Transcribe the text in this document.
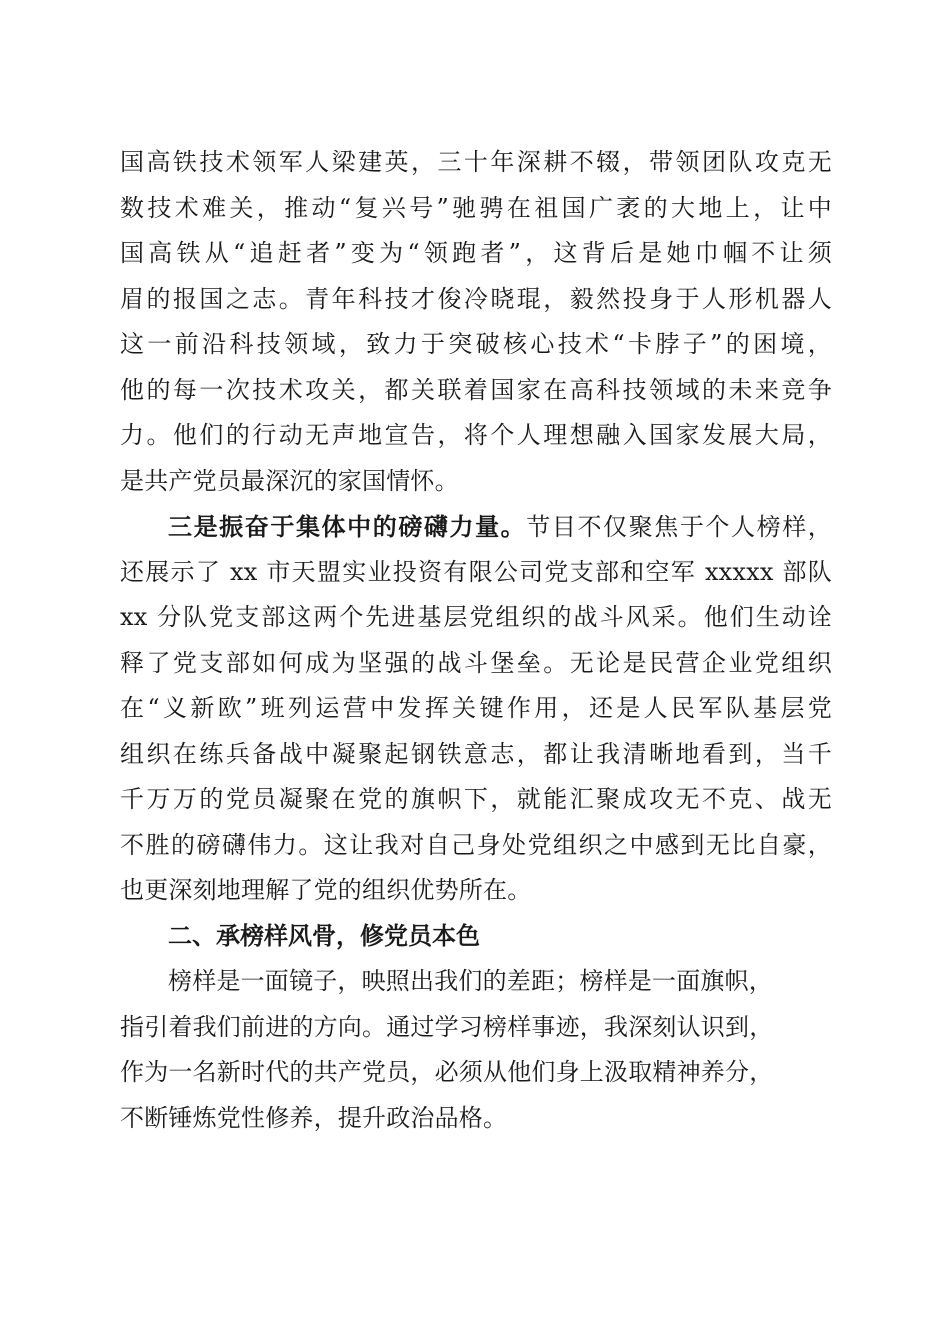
国高铁技术领军人梁建英，三十年深耕不辍，带领团队攻克无
数技术难关，推动“复兴号”驰骋在祖国广袤的大地上，让中
国高铁从“追赶者”变为“领跑者”，这背后是她巾帼不让须
眉的报国之志。青年科技才俊冷晓琨，毅然投身于人形机器人
这一前沿科技领域，致力于突破核心技术“卡脖子”的困境，
他的每一次技术攻关，都关联着国家在高科技领域的未来竞争
力。他们的行动无声地宣告，将个人理想融入国家发展大局，
是共产党员最深沉的家国情怀。
三是振奋于集体中的磅礴力量。节目不仅聚焦于个人榜样，
还展示了 xx 市天盟实业投资有限公司党支部和空军 xxxxx 部队
xx 分队党支部这两个先进基层党组织的战斗风采。他们生动诠
释了党支部如何成为坚强的战斗堡垒。无论是民营企业党组织
在“义新欧”班列运营中发挥关键作用，还是人民军队基层党
组织在练兵备战中凝聚起钢铁意志，都让我清晰地看到，当千
千万万的党员凝聚在党的旗帜下，就能汇聚成攻无不克、战无
不胜的磅礴伟力。这让我对自己身处党组织之中感到无比自豪，
也更深刻地理解了党的组织优势所在。
二、承榜样风骨，修党员本色
榜样是一面镜子，映照出我们的差距；榜样是一面旗帜，
指引着我们前进的方向。通过学习榜样事迹，我深刻认识到，
作为一名新时代的共产党员，必须从他们身上汲取精神养分，
不断锤炼党性修养，提升政治品格。
